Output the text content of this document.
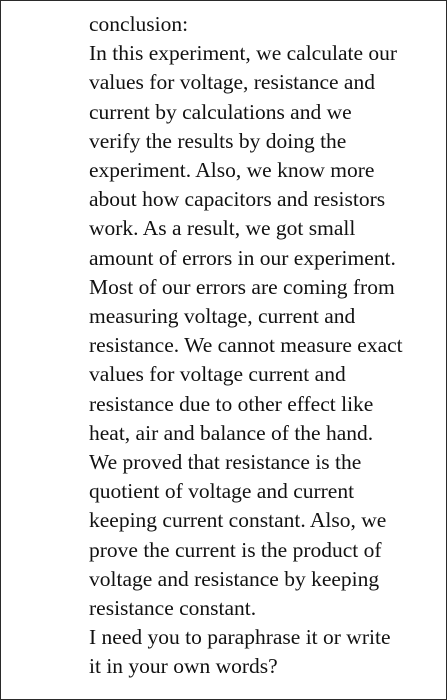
conclusion:
In this experiment, we calculate our
values for voltage, resistance and
current by calculations and we
verify the results by doing the
experiment. Also, we know more
about how capacitors and resistors
work. As a result, we got small
amount of errors in our experiment.
Most of our errors are coming from
measuring voltage, current and
resistance. We cannot measure exact
values for voltage current and
resistance due to other effect like
heat, air and balance of the hand.
We proved that resistance is the
quotient of voltage and current
keeping current constant. Also, we
prove the current is the product of
voltage and resistance by keeping
resistance constant.
I need you to paraphrase it or write
it in your own words?
